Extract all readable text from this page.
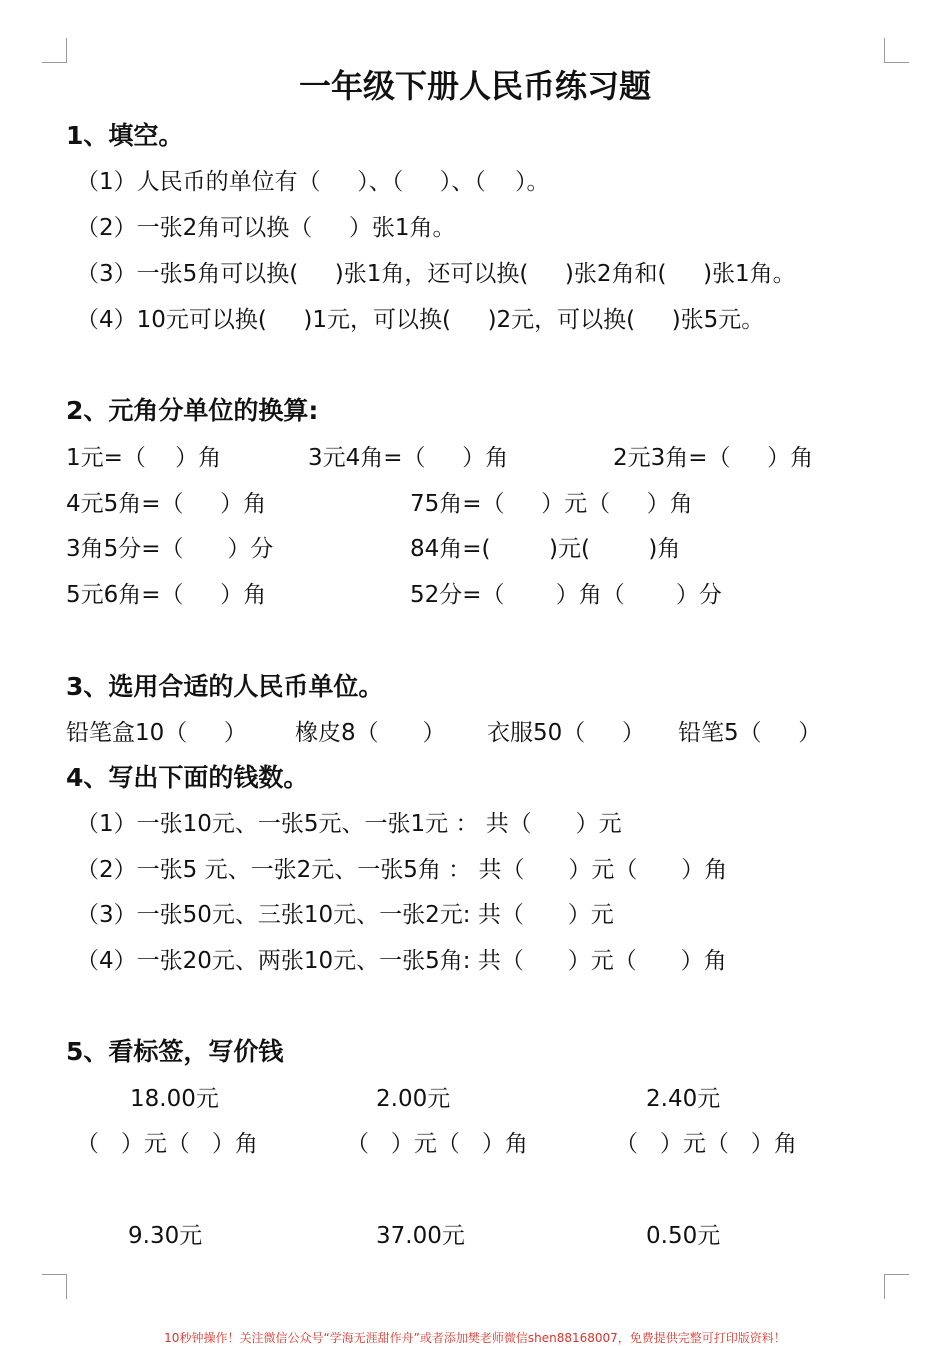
一年级下册人民币练习题
1、填空。
（1）人民币的单位有（     ）、（     ）、（    ）。
（2）一张2角可以换（     ）张1角。
（3）一张5角可以换(     )张1角，还可以换(     )张2角和(     )张1角。
（4）10元可以换(     )1元，可以换(     )2元，可以换(     )张5元。
2、元角分单位的换算:
1元=（    ）角	3元4角=（     ）角	2元3角=（     ）角
4元5角=（     ）角	75角=（     ）元（     ）角
3角5分=（      ）分	84角=(        )元(        )角
5元6角=（     ）角	52分=（       ）角（       ）分
3、选用合适的人民币单位。
铅笔盒10（     ） 橡皮8（      ） 衣服50（     ） 铅笔5（     ）
4、写出下面的钱数。
（1）一张10元、一张5元、一张1元 ： 共（      ）元
（2）一张5 元、一张2元、一张5角 ： 共（      ）元（      ）角
（3）一张50元、三张10元、一张2元: 共（      ）元
（4）一张20元、两张10元、一张5角: 共（      ）元（      ）角
5、看标签，写价钱
18.00元	2.00元	2.40元
（   ）元（   ）角	（   ）元（   ）角	（   ）元（   ）角
9.30元	37.00元	0.50元
10秒钟操作！关注微信公众号“学海无涯甜作舟”或者添加樊老师微信shen88168007，免费提供完整可打印版资料！
